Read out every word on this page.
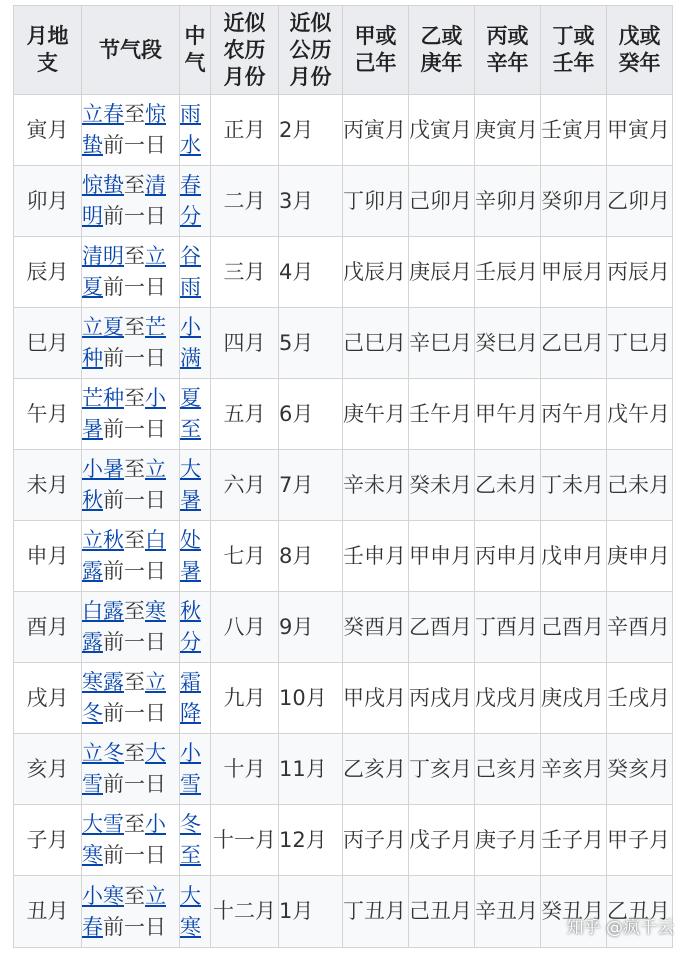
月地支	节气段	中气	近似农历月份	近似公历月份	甲或己年	乙或庚年	丙或辛年	丁或壬年	戊或癸年
寅月	立春至惊蛰前一日	雨水	正月	2月	丙寅月	戊寅月	庚寅月	壬寅月	甲寅月
卯月	惊蛰至清明前一日	春分	二月	3月	丁卯月	己卯月	辛卯月	癸卯月	乙卯月
辰月	清明至立夏前一日	谷雨	三月	4月	戊辰月	庚辰月	壬辰月	甲辰月	丙辰月
巳月	立夏至芒种前一日	小满	四月	5月	己巳月	辛巳月	癸巳月	乙巳月	丁巳月
午月	芒种至小暑前一日	夏至	五月	6月	庚午月	壬午月	甲午月	丙午月	戊午月
未月	小暑至立秋前一日	大暑	六月	7月	辛未月	癸未月	乙未月	丁未月	己未月
申月	立秋至白露前一日	处暑	七月	8月	壬申月	甲申月	丙申月	戊申月	庚申月
酉月	白露至寒露前一日	秋分	八月	9月	癸酉月	乙酉月	丁酉月	己酉月	辛酉月
戌月	寒露至立冬前一日	霜降	九月	10月	甲戌月	丙戌月	戊戌月	庚戌月	壬戌月
亥月	立冬至大雪前一日	小雪	十月	11月	乙亥月	丁亥月	己亥月	辛亥月	癸亥月
子月	大雪至小寒前一日	冬至	十一月	12月	丙子月	戊子月	庚子月	壬子月	甲子月
丑月	小寒至立春前一日	大寒	十二月	1月	丁丑月	己丑月	辛丑月	癸丑月	乙丑月
知乎 @疯千云
